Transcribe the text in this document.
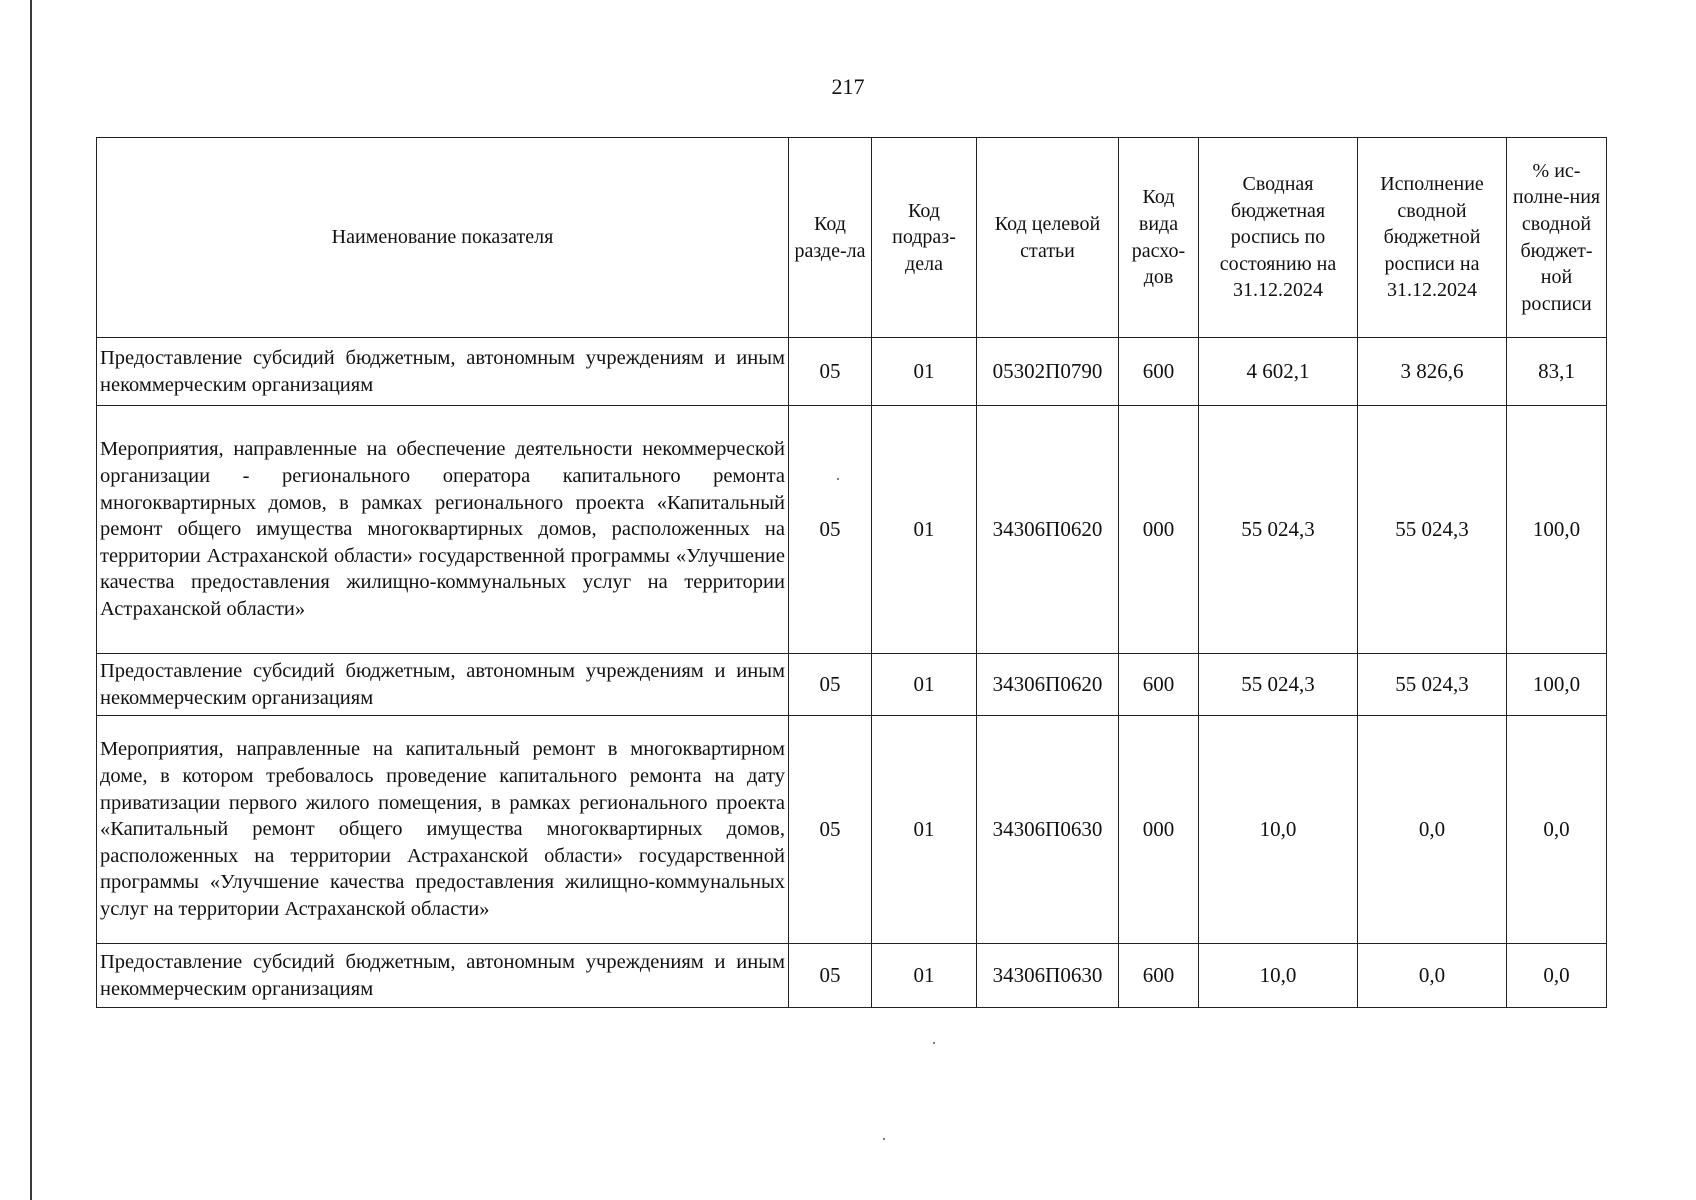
217
Наименование показателя	Код разде-ла	Код подраз-дела	Код целевой статьи	Код вида расхо-дов	Сводная бюджетная роспись по состоянию на 31.12.2024	Исполнение сводной бюджетной росписи на 31.12.2024	% ис-полне-ния сводной бюджет-ной росписи
Предоставление субсидий бюджетным, автономным учреждениям и иным некоммерческим организациям	05	01	05302П0790	600	4 602,1	3 826,6	83,1
Мероприятия, направленные на обеспечение деятельности некоммерческой организации - регионального оператора капитального ремонта многоквартирных домов, в рамках регионального проекта «Капитальный ремонт общего имущества многоквартирных домов, расположенных на территории Астраханской области» государственной программы «Улучшение качества предоставления жилищно-коммунальных услуг на территории Астраханской области»	05	01	34306П0620	000	55 024,3	55 024,3	100,0
Предоставление субсидий бюджетным, автономным учреждениям и иным некоммерческим организациям	05	01	34306П0620	600	55 024,3	55 024,3	100,0
Мероприятия, направленные на капитальный ремонт в многоквартирном доме, в котором требовалось проведение капитального ремонта на дату приватизации первого жилого помещения, в рамках регионального проекта «Капитальный ремонт общего имущества многоквартирных домов, расположенных на территории Астраханской области» государственной программы «Улучшение качества предоставления жилищно-коммунальных услуг на территории Астраханской области»	05	01	34306П0630	000	10,0	0,0	0,0
Предоставление субсидий бюджетным, автономным учреждениям и иным некоммерческим организациям	05	01	34306П0630	600	10,0	0,0	0,0
